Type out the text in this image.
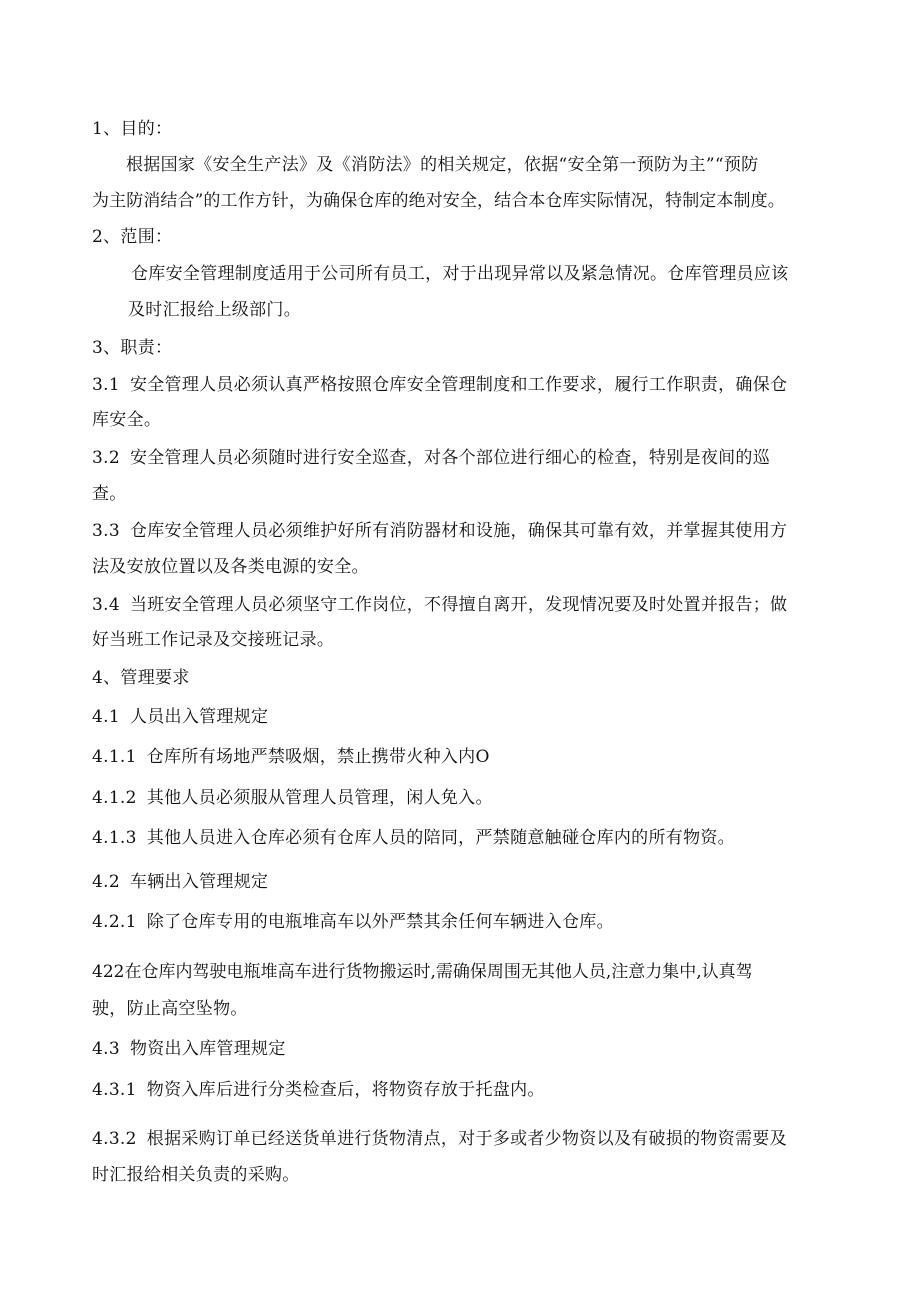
1、目的：
根据国家《安全生产法》及《消防法》的相关规定，依据“安全第一预防为主”“预防
为主防消结合”的工作方针，为确保仓库的绝对安全，结合本仓库实际情况，特制定本制度。
2、范围：
仓库安全管理制度适用于公司所有员工，对于出现异常以及紧急情况。仓库管理员应该
及时汇报给上级部门。
3、职责：
3.1 安全管理人员必须认真严格按照仓库安全管理制度和工作要求，履行工作职责，确保仓
库安全。
3.2 安全管理人员必须随时进行安全巡查，对各个部位进行细心的检查，特别是夜间的巡
查。
3.3 仓库安全管理人员必须维护好所有消防器材和设施，确保其可靠有效，并掌握其使用方
法及安放位置以及各类电源的安全。
3.4 当班安全管理人员必须坚守工作岗位，不得擅自离开，发现情况要及时处置并报告；做
好当班工作记录及交接班记录。
4、管理要求
4.1 人员出入管理规定
4.1.1 仓库所有场地严禁吸烟，禁止携带火种入内O
4.1.2 其他人员必须服从管理人员管理，闲人免入。
4.1.3 其他人员进入仓库必须有仓库人员的陪同，严禁随意触碰仓库内的所有物资。
4.2 车辆出入管理规定
4.2.1 除了仓库专用的电瓶堆高车以外严禁其余任何车辆进入仓库。
422在仓库内驾驶电瓶堆高车进行货物搬运时,需确保周围无其他人员,注意力集中,认真驾
驶，防止高空坠物。
4.3 物资出入库管理规定
4.3.1 物资入库后进行分类检查后，将物资存放于托盘内。
4.3.2 根据采购订单已经送货单进行货物清点，对于多或者少物资以及有破损的物资需要及
时汇报给相关负责的采购。
